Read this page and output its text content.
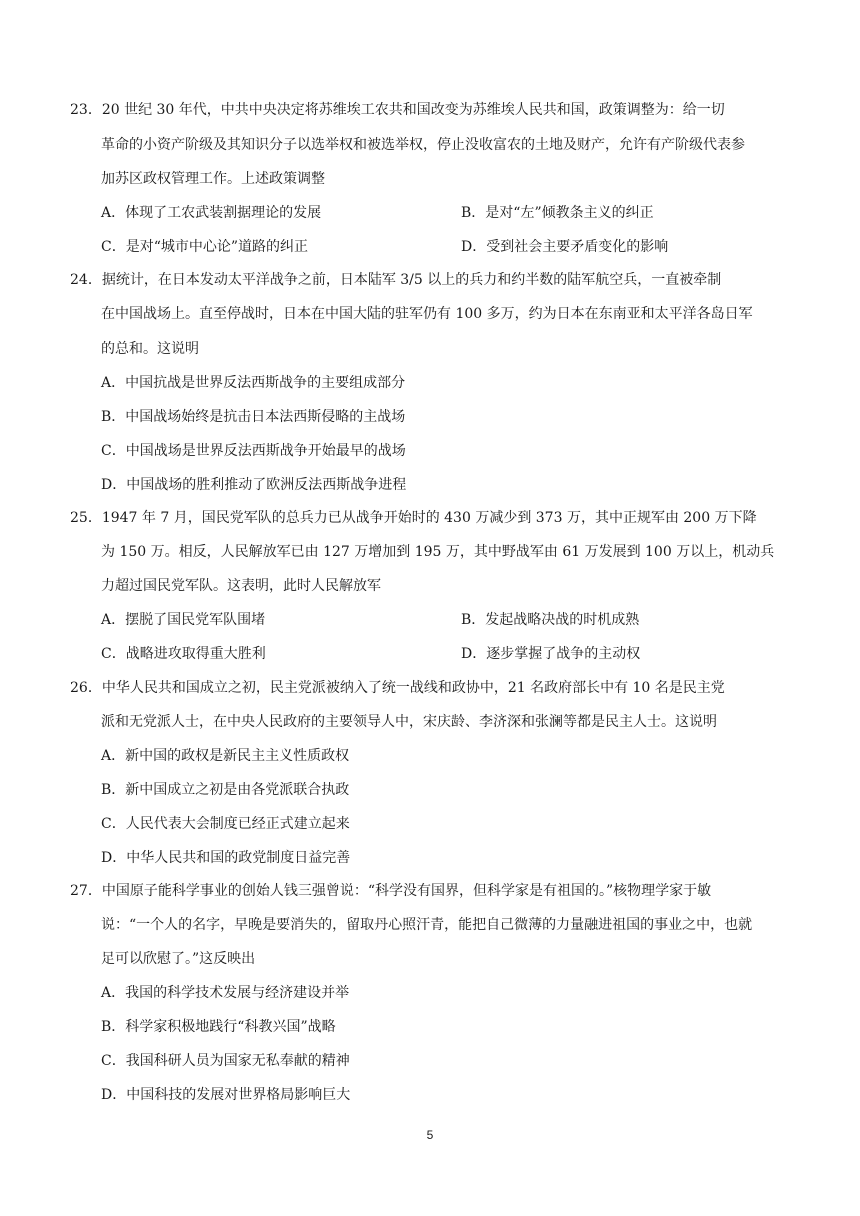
23．20 世纪 30 年代，中共中央决定将苏维埃工农共和国改变为苏维埃人民共和国，政策调整为：给一切
革命的小资产阶级及其知识分子以选举权和被选举权，停止没收富农的土地及财产，允许有产阶级代表参
加苏区政权管理工作。上述政策调整
A．体现了工农武装割据理论的发展	B．是对“左”倾教条主义的纠正
C．是对“城市中心论”道路的纠正	D．受到社会主要矛盾变化的影响
24．据统计，在日本发动太平洋战争之前，日本陆军 3/5 以上的兵力和约半数的陆军航空兵，一直被牵制
在中国战场上。直至停战时，日本在中国大陆的驻军仍有 100 多万，约为日本在东南亚和太平洋各岛日军
的总和。这说明
A．中国抗战是世界反法西斯战争的主要组成部分
B．中国战场始终是抗击日本法西斯侵略的主战场
C．中国战场是世界反法西斯战争开始最早的战场
D．中国战场的胜利推动了欧洲反法西斯战争进程
25．1947 年 7 月，国民党军队的总兵力已从战争开始时的 430 万减少到 373 万，其中正规军由 200 万下降
为 150 万。相反，人民解放军已由 127 万增加到 195 万，其中野战军由 61 万发展到 100 万以上，机动兵
力超过国民党军队。这表明，此时人民解放军
A．摆脱了国民党军队围堵	B．发起战略决战的时机成熟
C．战略进攻取得重大胜利	D．逐步掌握了战争的主动权
26．中华人民共和国成立之初，民主党派被纳入了统一战线和政协中，21 名政府部长中有 10 名是民主党
派和无党派人士，在中央人民政府的主要领导人中，宋庆龄、李济深和张澜等都是民主人士。这说明
A．新中国的政权是新民主主义性质政权
B．新中国成立之初是由各党派联合执政
C．人民代表大会制度已经正式建立起来
D．中华人民共和国的政党制度日益完善
27．中国原子能科学事业的创始人钱三强曾说：“科学没有国界，但科学家是有祖国的。”核物理学家于敏
说：“一个人的名字，早晚是要消失的，留取丹心照汗青，能把自己微薄的力量融进祖国的事业之中，也就
足可以欣慰了。”这反映出
A．我国的科学技术发展与经济建设并举
B．科学家积极地践行“科教兴国”战略
C．我国科研人员为国家无私奉献的精神
D．中国科技的发展对世界格局影响巨大
5
